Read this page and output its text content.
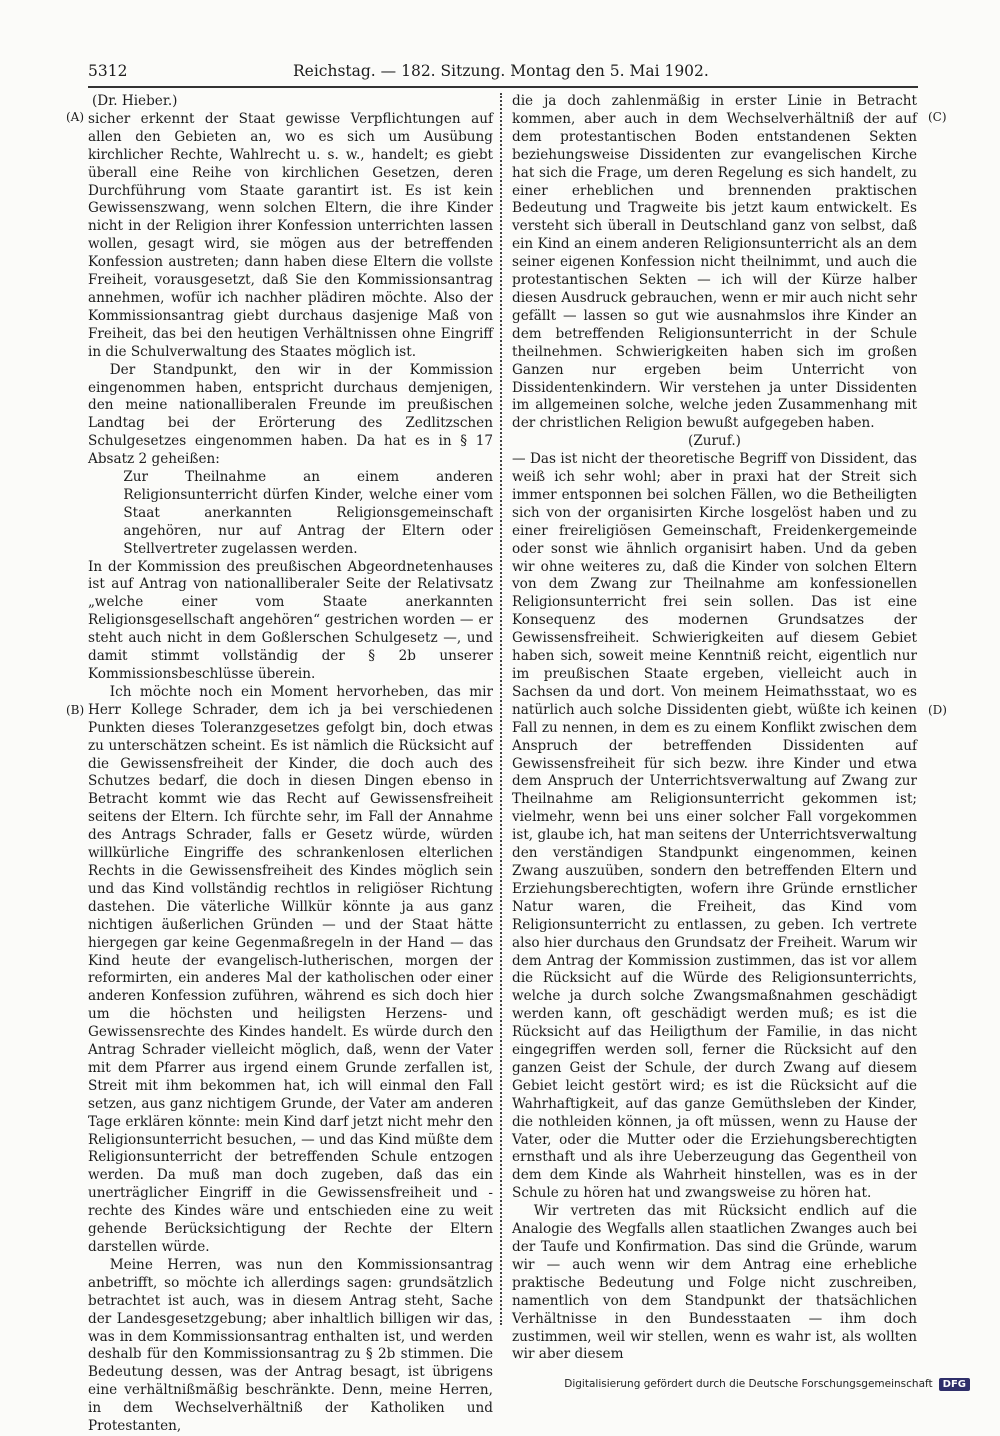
5312	Reichstag. — 182. Sitzung. Montag den 5. Mai 1902.
(A)
(B)
(C)
(D)

(Dr. Hieber.)

sicher erkennt der Staat gewisse Verpflichtungen auf allen den Gebieten an, wo es sich um Ausübung kirchlicher Rechte, Wahlrecht u. s. w., handelt; es giebt überall eine Reihe von kirchlichen Gesetzen, deren Durchführung vom Staate garantirt ist. Es ist kein Gewissenszwang, wenn solchen Eltern, die ihre Kinder nicht in der Religion ihrer Konfession unterrichten lassen wollen, gesagt wird, sie mögen aus der betreffenden Konfession austreten; dann haben diese Eltern die vollste Freiheit, vorausgesetzt, daß Sie den Kommissionsantrag annehmen, wofür ich nachher plädiren möchte. Also der Kommissionsantrag giebt durchaus dasjenige Maß von Freiheit, das bei den heutigen Verhältnissen ohne Eingriff in die Schulverwaltung des Staates möglich ist.

Der Standpunkt, den wir in der Kommission eingenommen haben, entspricht durchaus demjenigen, den meine nationalliberalen Freunde im preußischen Landtag bei der Erörterung des Zedlitzschen Schulgesetzes eingenommen haben. Da hat es in § 17 Absatz 2 geheißen:

Zur Theilnahme an einem anderen Religionsunterricht dürfen Kinder, welche einer vom Staat anerkannten Religionsgemeinschaft angehören, nur auf Antrag der Eltern oder Stellvertreter zugelassen werden.

In der Kommission des preußischen Abgeordnetenhauses ist auf Antrag von nationalliberaler Seite der Relativsatz „welche einer vom Staate anerkannten Religionsgesellschaft angehören“ gestrichen worden — er steht auch nicht in dem Goßlerschen Schulgesetz —, und damit stimmt vollständig der § 2b unserer Kommissionsbeschlüsse überein.

Ich möchte noch ein Moment hervorheben, das mir Herr Kollege Schrader, dem ich ja bei verschiedenen Punkten dieses Toleranzgesetzes gefolgt bin, doch etwas zu unterschätzen scheint. Es ist nämlich die Rücksicht auf die Gewissensfreiheit der Kinder, die doch auch des Schutzes bedarf, die doch in diesen Dingen ebenso in Betracht kommt wie das Recht auf Gewissensfreiheit seitens der Eltern. Ich fürchte sehr, im Fall der Annahme des Antrags Schrader, falls er Gesetz würde, würden willkürliche Eingriffe des schrankenlosen elterlichen Rechts in die Gewissensfreiheit des Kindes möglich sein und das Kind vollständig rechtlos in religiöser Richtung dastehen. Die väterliche Willkür könnte ja aus ganz nichtigen äußerlichen Gründen — und der Staat hätte hiergegen gar keine Gegenmaßregeln in der Hand — das Kind heute der evangelisch-lutherischen, morgen der reformirten, ein anderes Mal der katholischen oder einer anderen Konfession zuführen, während es sich doch hier um die höchsten und heiligsten Herzens- und Gewissensrechte des Kindes handelt. Es würde durch den Antrag Schrader vielleicht möglich, daß, wenn der Vater mit dem Pfarrer aus irgend einem Grunde zerfallen ist, Streit mit ihm bekommen hat, ich will einmal den Fall setzen, aus ganz nichtigem Grunde, der Vater am anderen Tage erklären könnte: mein Kind darf jetzt nicht mehr den Religionsunterricht besuchen, — und das Kind müßte dem Religionsunterricht der betreffenden Schule entzogen werden. Da muß man doch zugeben, daß das ein unerträglicher Eingriff in die Gewissensfreiheit und -rechte des Kindes wäre und entschieden eine zu weit gehende Berücksichtigung der Rechte der Eltern darstellen würde.

Meine Herren, was nun den Kommissionsantrag anbetrifft, so möchte ich allerdings sagen: grundsätzlich betrachtet ist auch, was in diesem Antrag steht, Sache der Landesgesetzgebung; aber inhaltlich billigen wir das, was in dem Kommissionsantrag enthalten ist, und werden deshalb für den Kommissionsantrag zu § 2b stimmen. Die Bedeutung dessen, was der Antrag besagt, ist übrigens eine verhältnißmäßig beschränkte. Denn, meine Herren, in dem Wechselverhältniß der Katholiken und Protestanten,

die ja doch zahlenmäßig in erster Linie in Betracht kommen, aber auch in dem Wechselverhältniß der auf dem protestantischen Boden entstandenen Sekten beziehungsweise Dissidenten zur evangelischen Kirche hat sich die Frage, um deren Regelung es sich handelt, zu einer erheblichen und brennenden praktischen Bedeutung und Tragweite bis jetzt kaum entwickelt. Es versteht sich überall in Deutschland ganz von selbst, daß ein Kind an einem anderen Religionsunterricht als an dem seiner eigenen Konfession nicht theilnimmt, und auch die protestantischen Sekten — ich will der Kürze halber diesen Ausdruck gebrauchen, wenn er mir auch nicht sehr gefällt — lassen so gut wie ausnahmslos ihre Kinder an dem betreffenden Religionsunterricht in der Schule theilnehmen. Schwierigkeiten haben sich im großen Ganzen nur ergeben beim Unterricht von Dissidentenkindern. Wir verstehen ja unter Dissidenten im allgemeinen solche, welche jeden Zusammenhang mit der christlichen Religion bewußt aufgegeben haben.

(Zuruf.)

— Das ist nicht der theoretische Begriff von Dissident, das weiß ich sehr wohl; aber in praxi hat der Streit sich immer entsponnen bei solchen Fällen, wo die Betheiligten sich von der organisirten Kirche losgelöst haben und zu einer freireligiösen Gemeinschaft, Freidenkergemeinde oder sonst wie ähnlich organisirt haben. Und da geben wir ohne weiteres zu, daß die Kinder von solchen Eltern von dem Zwang zur Theilnahme am konfessionellen Religionsunterricht frei sein sollen. Das ist eine Konsequenz des modernen Grundsatzes der Gewissensfreiheit. Schwierigkeiten auf diesem Gebiet haben sich, soweit meine Kenntniß reicht, eigentlich nur im preußischen Staate ergeben, vielleicht auch in Sachsen da und dort. Von meinem Heimathsstaat, wo es natürlich auch solche Dissidenten giebt, wüßte ich keinen Fall zu nennen, in dem es zu einem Konflikt zwischen dem Anspruch der betreffenden Dissidenten auf Gewissensfreiheit für sich bezw. ihre Kinder und etwa dem Anspruch der Unterrichtsverwaltung auf Zwang zur Theilnahme am Religionsunterricht gekommen ist; vielmehr, wenn bei uns einer solcher Fall vorgekommen ist, glaube ich, hat man seitens der Unterrichtsverwaltung den verständigen Standpunkt eingenommen, keinen Zwang auszuüben, sondern den betreffenden Eltern und Erziehungsberechtigten, wofern ihre Gründe ernstlicher Natur waren, die Freiheit, das Kind vom Religionsunterricht zu entlassen, zu geben. Ich vertrete also hier durchaus den Grundsatz der Freiheit. Warum wir dem Antrag der Kommission zustimmen, das ist vor allem die Rücksicht auf die Würde des Religionsunterrichts, welche ja durch solche Zwangsmaßnahmen geschädigt werden kann, oft geschädigt werden muß; es ist die Rücksicht auf das Heiligthum der Familie, in das nicht eingegriffen werden soll, ferner die Rücksicht auf den ganzen Geist der Schule, der durch Zwang auf diesem Gebiet leicht gestört wird; es ist die Rücksicht auf die Wahrhaftigkeit, auf das ganze Gemüthsleben der Kinder, die nothleiden können, ja oft müssen, wenn zu Hause der Vater, oder die Mutter oder die Erziehungsberechtigten ernsthaft und als ihre Ueberzeugung das Gegentheil von dem dem Kinde als Wahrheit hinstellen, was es in der Schule zu hören hat und zwangsweise zu hören hat.

Wir vertreten das mit Rücksicht endlich auf die Analogie des Wegfalls allen staatlichen Zwanges auch bei der Taufe und Konfirmation. Das sind die Gründe, warum wir — auch wenn wir dem Antrag eine erhebliche praktische Bedeutung und Folge nicht zuschreiben, namentlich von dem Standpunkt der thatsächlichen Verhältnisse in den Bundesstaaten — ihm doch zustimmen, weil wir stellen, wenn es wahr ist, als wollten wir aber diesem

Digitalisierung gefördert durch die Deutsche Forschungsgemeinschaft	DFG
